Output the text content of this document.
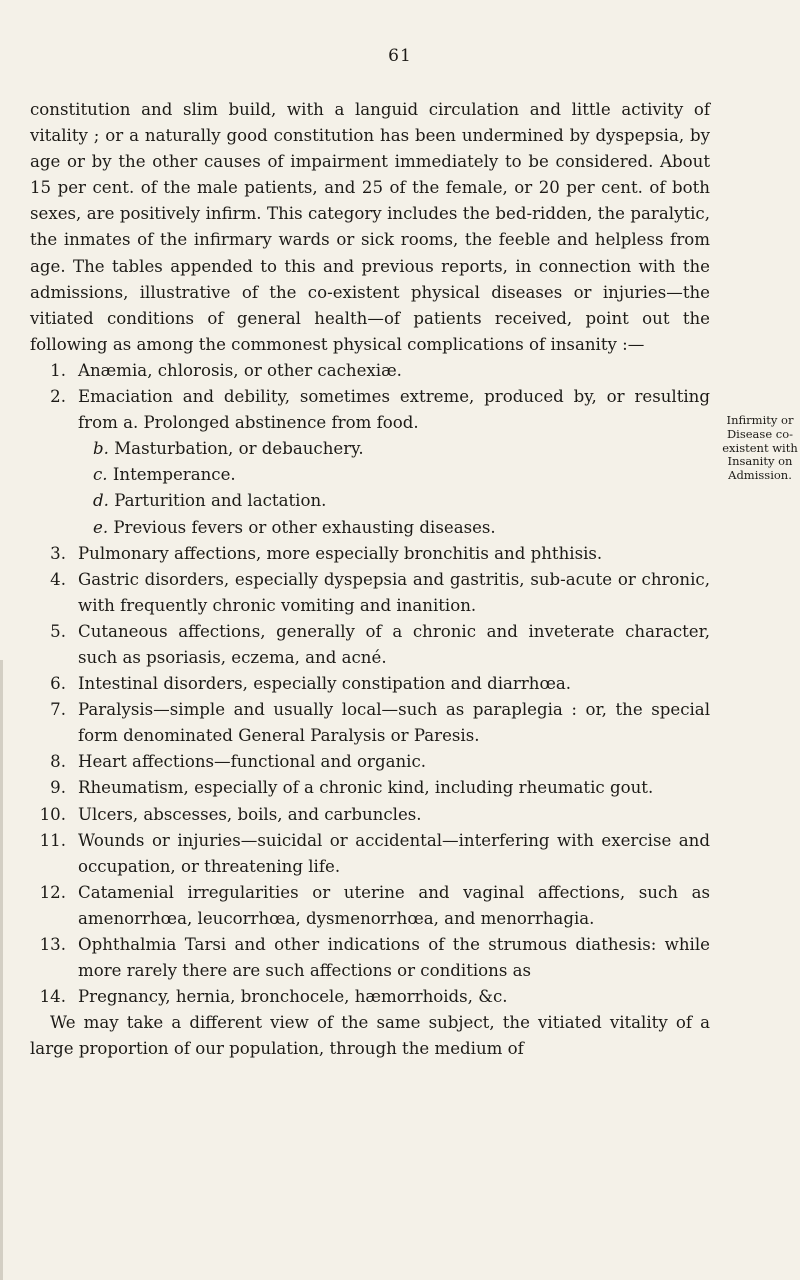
61
Infirmity or Disease co-existent with Insanity on Admission.

constitution and slim build, with a languid circulation and little activity of vitality ; or a naturally good constitution has been undermined by dyspepsia, by age or by the other causes of impairment immediately to be considered. About 15 per cent. of the male patients, and 25 of the female, or 20 per cent. of both sexes, are positively infirm. This category includes the bed-ridden, the paralytic, the inmates of the infirmary wards or sick rooms, the feeble and helpless from age. The tables appended to this and previous reports, in connection with the admissions, illustrative of the co-existent physical diseases or injuries—the vitiated conditions of general health—of patients received, point out the following as among the commonest physical complications of insanity :—

1. Anæmia, chlorosis, or other cachexiæ.

2. Emaciation and debility, sometimes extreme, produced by, or resulting from a. Prolonged abstinence from food.

b. Masturbation, or debauchery.

c. Intemperance.

d. Parturition and lactation.

e. Previous fevers or other exhausting diseases.

3. Pulmonary affections, more especially bronchitis and phthisis.

4. Gastric disorders, especially dyspepsia and gastritis, sub-acute or chronic, with frequently chronic vomiting and inanition.

5. Cutaneous affections, generally of a chronic and inveterate character, such as psoriasis, eczema, and acné.

6. Intestinal disorders, especially constipation and diarrhœa.

7. Paralysis—simple and usually local—such as paraplegia : or, the special form denominated General Paralysis or Paresis.

8. Heart affections—functional and organic.

9. Rheumatism, especially of a chronic kind, including rheumatic gout.

10. Ulcers, abscesses, boils, and carbuncles.

11. Wounds or injuries—suicidal or accidental—interfering with exercise and occupation, or threatening life.

12. Catamenial irregularities or uterine and vaginal affections, such as amenorrhœa, leucorrhœa, dysmenorrhœa, and menorrhagia.

13. Ophthalmia Tarsi and other indications of the strumous diathesis: while more rarely there are such affections or conditions as

14. Pregnancy, hernia, bronchocele, hæmorrhoids, &c.

We may take a different view of the same subject, the vitiated vitality of a large proportion of our population, through the medium of
